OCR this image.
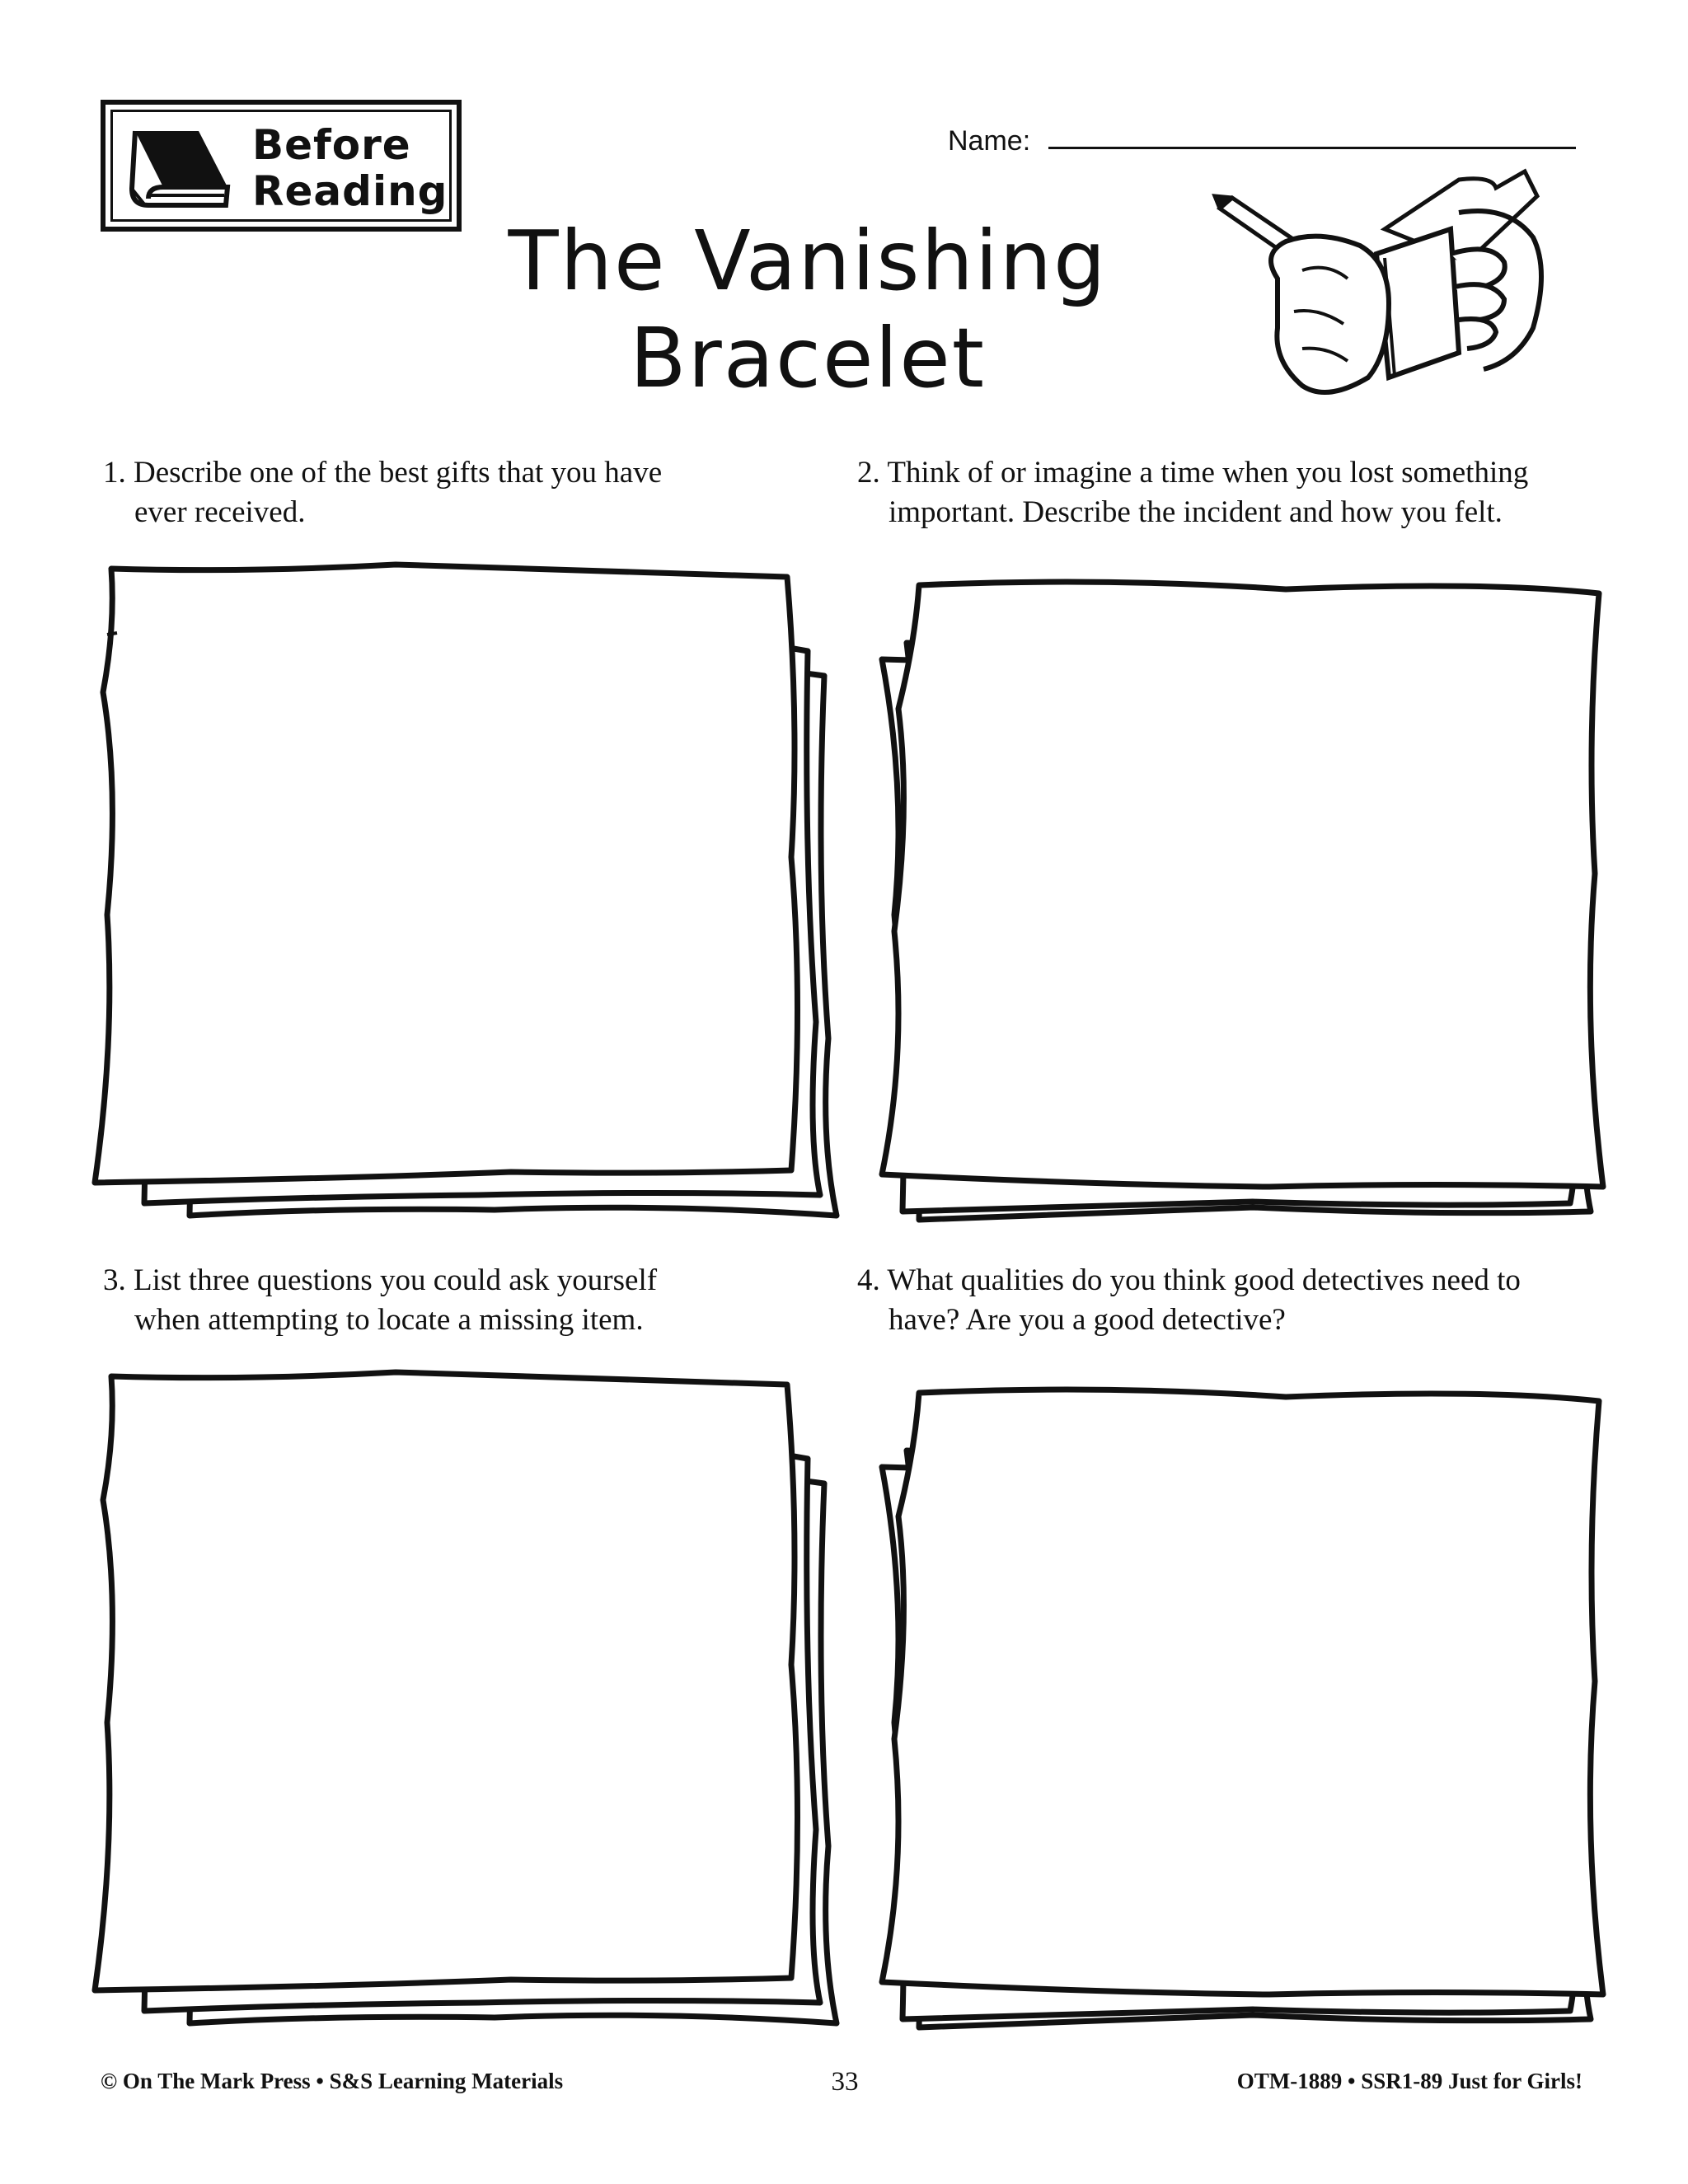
Before
Reading
Name:
The Vanishing
Bracelet
1. Describe one of the best gifts that you have
ever received.
2. Think of or imagine a time when you lost something
important. Describe the incident and how you felt.
3. List three questions you could ask yourself
when attempting to locate a missing item.
4. What qualities do you think good detectives need to
have? Are you a good detective?
© On The Mark Press • S&S Learning Materials	33	OTM-1889 • SSR1-89 Just for Girls!
